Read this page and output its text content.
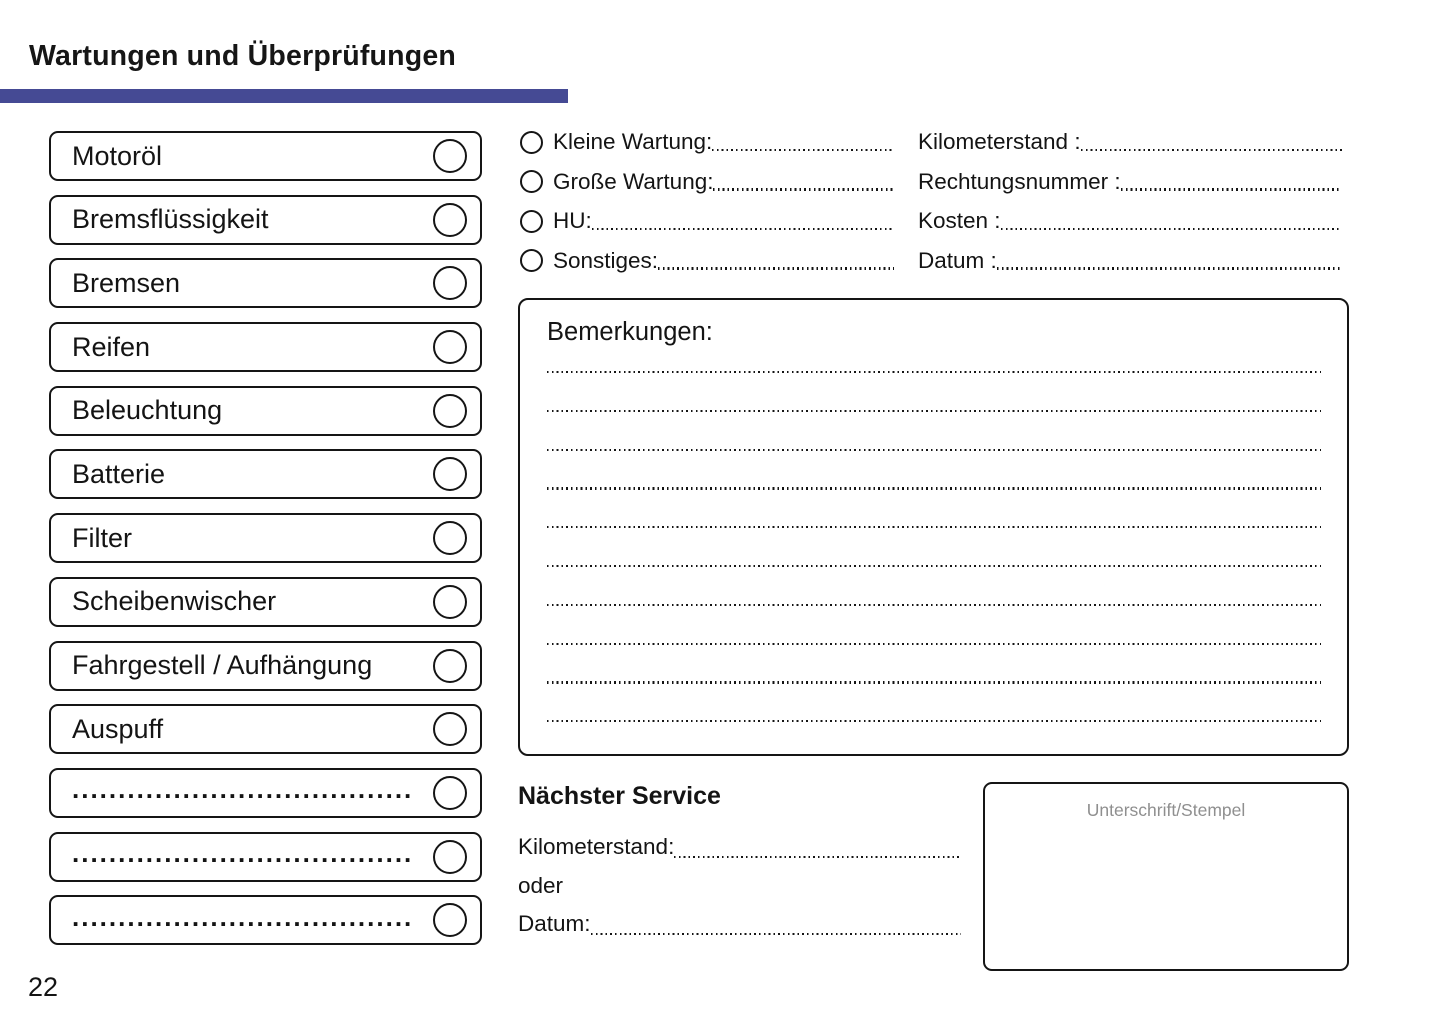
Wartungen und Überprüfungen
Motoröl
Bremsflüssigkeit
Bremsen
Reifen
Beleuchtung
Batterie
Filter
Scheibenwischer
Fahrgestell / Aufhängung
Auspuff
.....................................
.....................................
.....................................
Kleine Wartung:
Große Wartung:
HU:
Sonstiges:
Kilometerstand :
Rechtungsnummer :
Kosten :
Datum :
Bemerkungen:
Nächster Service
Kilometerstand:
oder
Datum:
Unterschrift/Stempel
22
